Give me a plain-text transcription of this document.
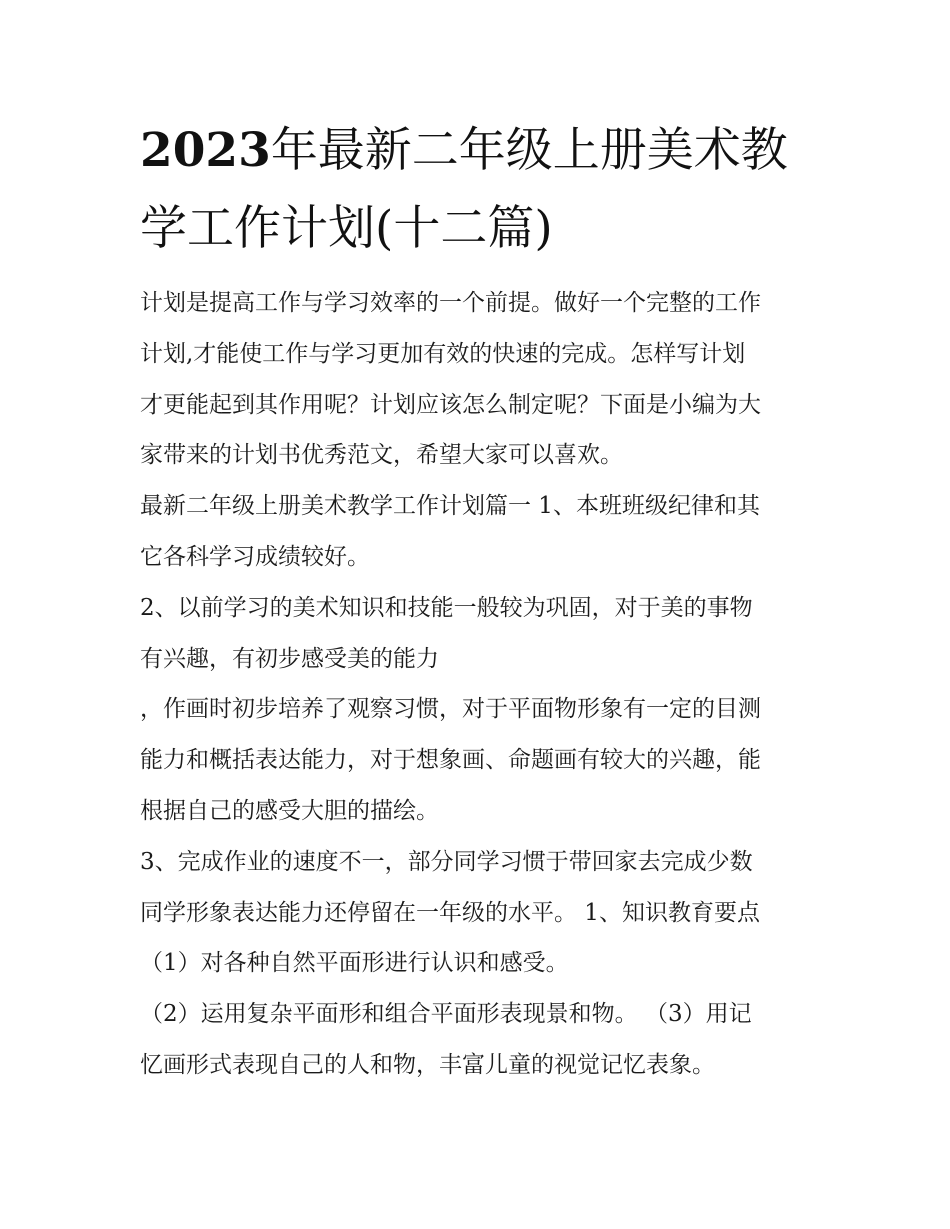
2023年最新二年级上册美术教
学工作计划(十二篇)

计划是提高工作与学习效率的一个前提。做好一个完整的工作

计划,才能使工作与学习更加有效的快速的完成。怎样写计划

才更能起到其作用呢？计划应该怎么制定呢？下面是小编为大

家带来的计划书优秀范文，希望大家可以喜欢。

最新二年级上册美术教学工作计划篇一 1、本班班级纪律和其

它各科学习成绩较好。

2、以前学习的美术知识和技能一般较为巩固，对于美的事物

有兴趣，有初步感受美的能力

，作画时初步培养了观察习惯，对于平面物形象有一定的目测

能力和概括表达能力，对于想象画、命题画有较大的兴趣，能

根据自己的感受大胆的描绘。

3、完成作业的速度不一，部分同学习惯于带回家去完成少数

同学形象表达能力还停留在一年级的水平。 1、知识教育要点

（1）对各种自然平面形进行认识和感受。

（2）运用复杂平面形和组合平面形表现景和物。 （3）用记

忆画形式表现自己的人和物，丰富儿童的视觉记忆表象。
